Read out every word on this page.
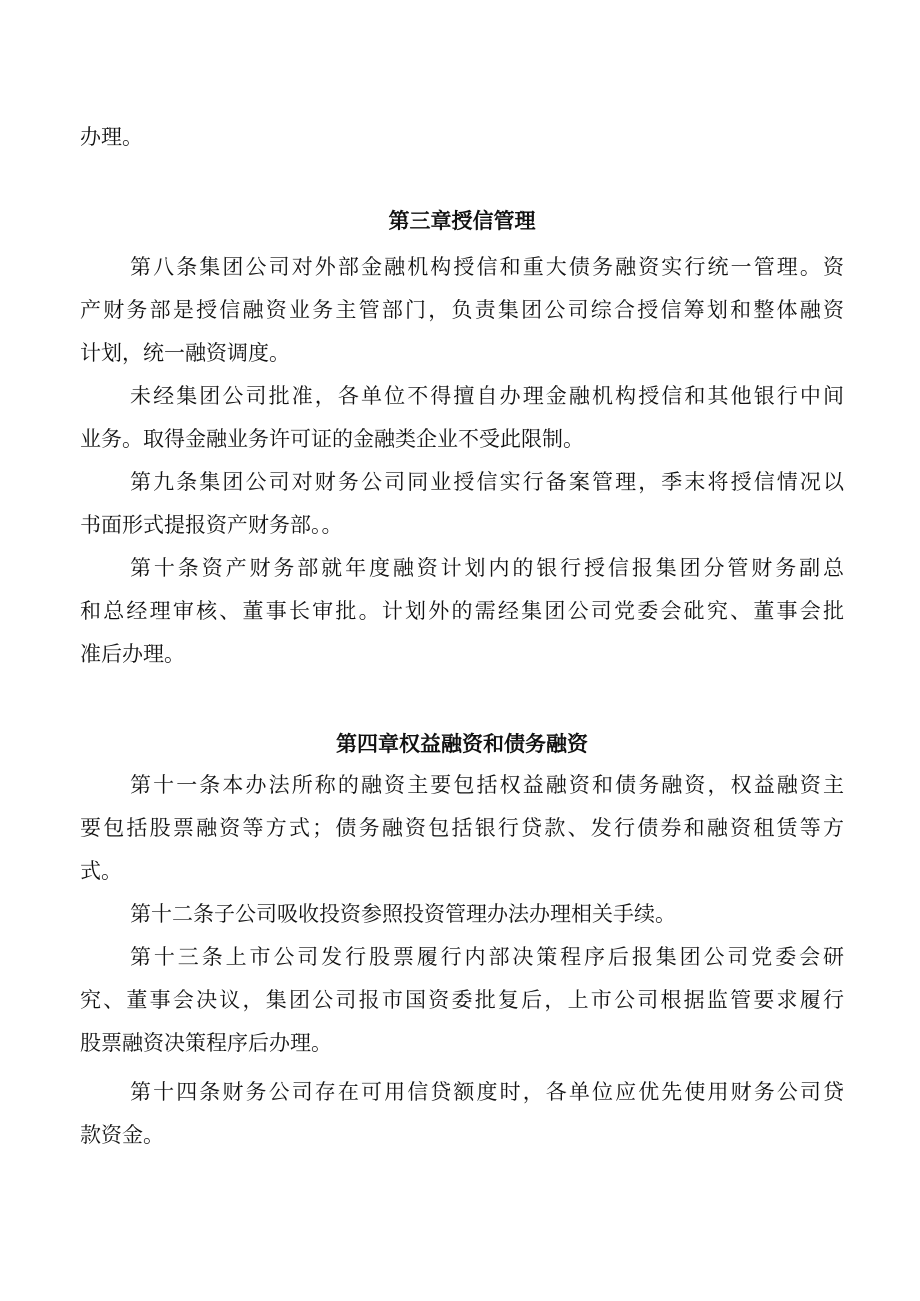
办理。
第三章授信管理
第八条集团公司对外部金融机构授信和重大债务融资实行统一管理。资
产财务部是授信融资业务主管部门，负责集团公司综合授信筹划和整体融资
计划，统一融资调度。
未经集团公司批准，各单位不得擅自办理金融机构授信和其他银行中间
业务。取得金融业务许可证的金融类企业不受此限制。
第九条集团公司对财务公司同业授信实行备案管理，季末将授信情况以
书面形式提报资产财务部。。
第十条资产财务部就年度融资计划内的银行授信报集团分管财务副总
和总经理审核、董事长审批。计划外的需经集团公司党委会砒究、董事会批
准后办理。
第四章权益融资和债务融资
第十一条本办法所称的融资主要包括权益融资和债务融资，权益融资主
要包括股票融资等方式；债务融资包括银行贷款、发行债券和融资租赁等方
式。
第十二条子公司吸收投资参照投资管理办法办理相关手续。
第十三条上市公司发行股票履行内部决策程序后报集团公司党委会研
究、董事会决议，集团公司报市国资委批复后，上市公司根据监管要求履行
股票融资决策程序后办理。
第十四条财务公司存在可用信贷额度时，各单位应优先使用财务公司贷
款资金。
